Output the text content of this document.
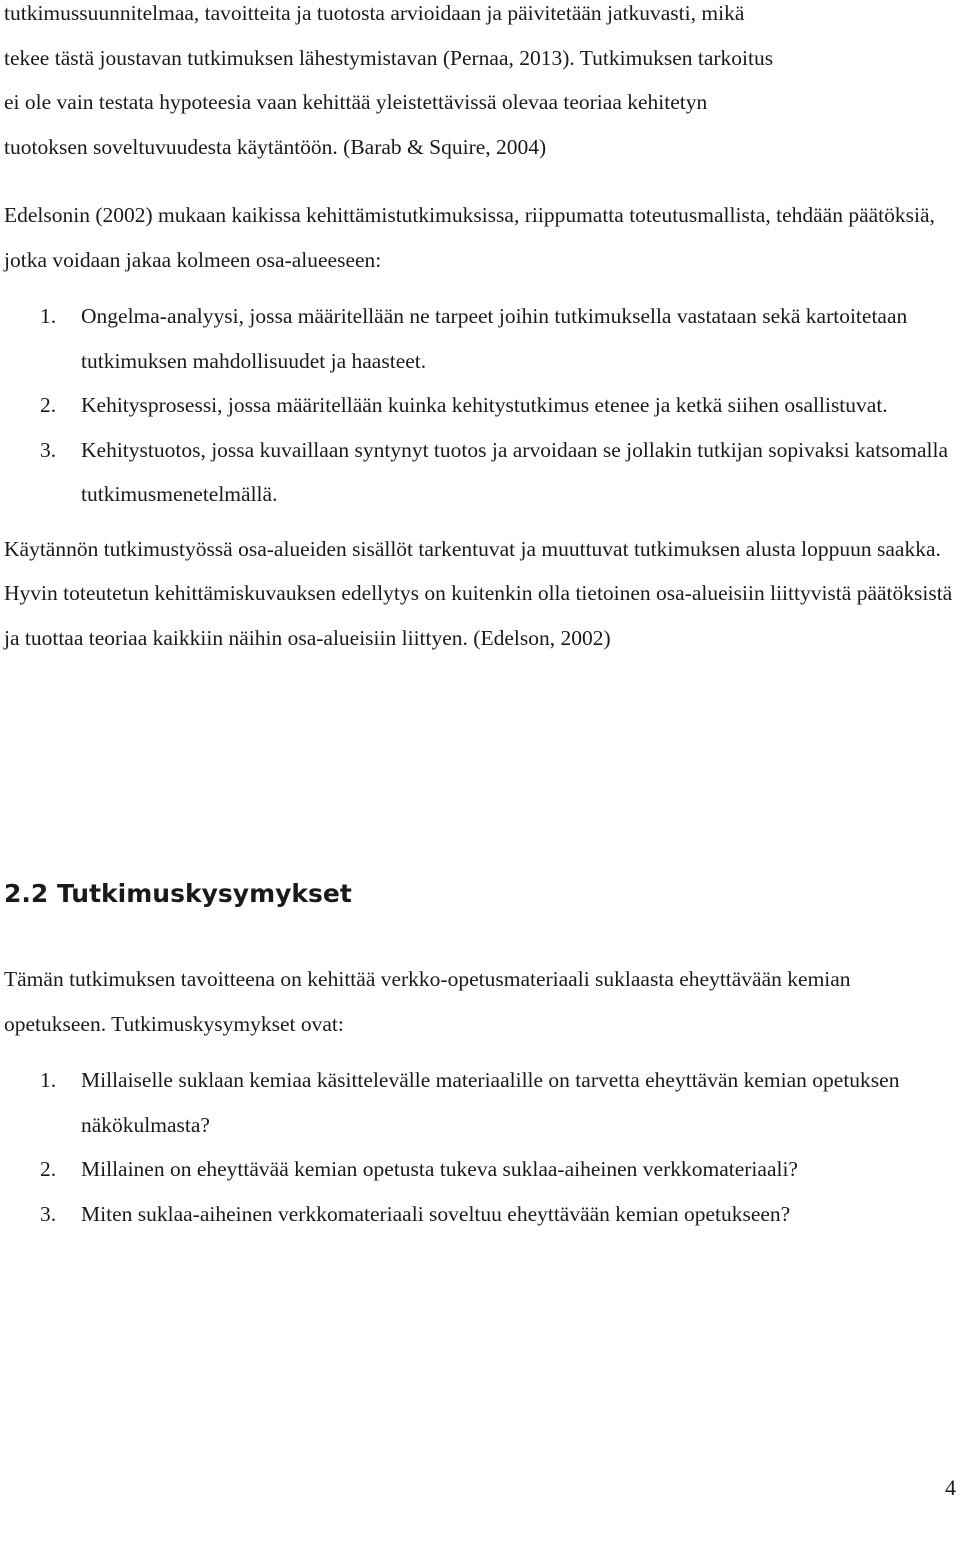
tutkimussuunnitelmaa, tavoitteita ja tuotosta arvioidaan ja päivitetään jatkuvasti, mikä
tekee tästä joustavan tutkimuksen lähestymistavan (Pernaa, 2013). Tutkimuksen tarkoitus
ei ole vain testata hypoteesia vaan kehittää yleistettävissä olevaa teoriaa kehitetyn
tuotoksen soveltuvuudesta käytäntöön. (Barab & Squire, 2004)

Edelsonin (2002) mukaan kaikissa kehittämistutkimuksissa, riippumatta toteutusmallista, tehdään päätöksiä, jotka voidaan jakaa kolmeen osa-alueeseen:

1. Ongelma-analyysi, jossa määritellään ne tarpeet joihin tutkimuksella vastataan sekä kartoitetaan tutkimuksen mahdollisuudet ja haasteet.
2. Kehitysprosessi, jossa määritellään kuinka kehitystutkimus etenee ja ketkä siihen osallistuvat.
3. Kehitystuotos, jossa kuvaillaan syntynyt tuotos ja arvoidaan se jollakin tutkijan sopivaksi katsomalla tutkimusmenetelmällä.

Käytännön tutkimustyössä osa-alueiden sisällöt tarkentuvat ja muuttuvat tutkimuksen alusta loppuun saakka. Hyvin toteutetun kehittämiskuvauksen edellytys on kuitenkin olla tietoinen osa-alueisiin liittyvistä päätöksistä ja tuottaa teoriaa kaikkiin näihin osa-alueisiin liittyen. (Edelson, 2002)

2.2 Tutkimuskysymykset

Tämän tutkimuksen tavoitteena on kehittää verkko-opetusmateriaali suklaasta eheyttävään kemian opetukseen. Tutkimuskysymykset ovat:

1. Millaiselle suklaan kemiaa käsittelevälle materiaalille on tarvetta eheyttävän kemian opetuksen näkökulmasta?
2. Millainen on eheyttävää kemian opetusta tukeva suklaa-aiheinen verkkomateriaali?
3. Miten suklaa-aiheinen verkkomateriaali soveltuu eheyttävään kemian opetukseen?
4
